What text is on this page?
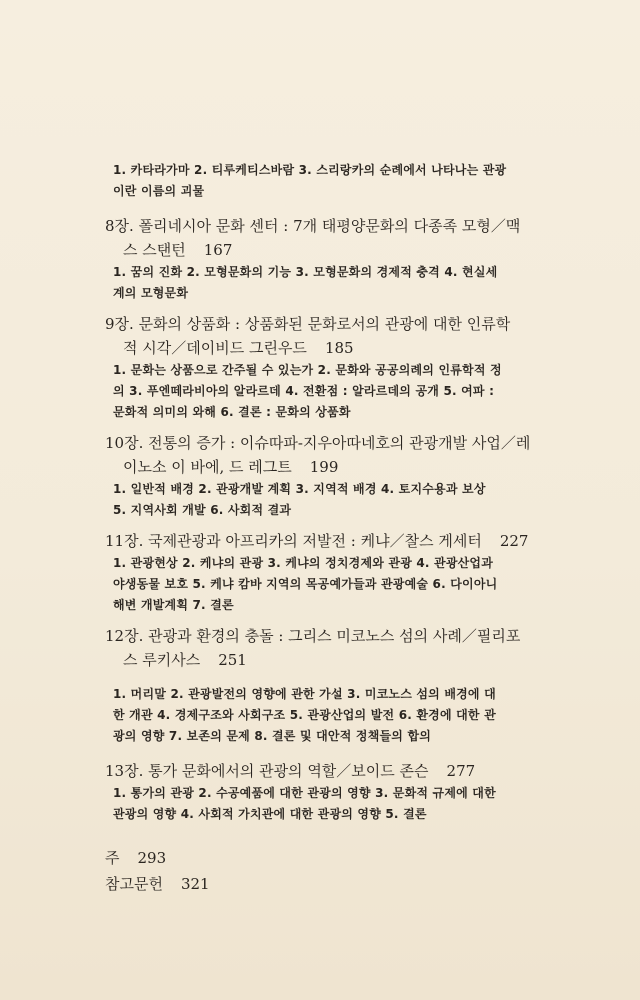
1. 카타라가마 2. 티루케티스바람 3. 스리랑카의 순례에서 나타나는 관광
이란 이름의 괴물
8장. 폴리네시아 문화 센터 : 7개 태평양문화의 다종족 모형／맥
스 스탠턴 167
1. 꿈의 진화 2. 모형문화의 기능 3. 모형문화의 경제적 충격 4. 현실세
계의 모형문화
9장. 문화의 상품화 : 상품화된 문화로서의 관광에 대한 인류학
적 시각／데이비드 그린우드 185
1. 문화는 상품으로 간주될 수 있는가 2. 문화와 공공의례의 인류학적 정
의 3. 푸엔떼라비아의 알라르데 4. 전환점 : 알라르데의 공개 5. 여파 :
문화적 의미의 와해 6. 결론 : 문화의 상품화
10장. 전통의 증가 : 이슈따파-지우아따네호의 관광개발 사업／레
이노소 이 바에, 드 레그트 199
1. 일반적 배경 2. 관광개발 계획 3. 지역적 배경 4. 토지수용과 보상
5. 지역사회 개발 6. 사회적 결과
11장. 국제관광과 아프리카의 저발전 : 케냐／찰스 게세터 227
1. 관광현상 2. 케냐의 관광 3. 케냐의 정치경제와 관광 4. 관광산업과
야생동물 보호 5. 케냐 캄바 지역의 목공예가들과 관광예술 6. 다이아니
해변 개발계획 7. 결론
12장. 관광과 환경의 충돌 : 그리스 미코노스 섬의 사례／필리포
스 루키사스 251
1. 머리말 2. 관광발전의 영향에 관한 가설 3. 미코노스 섬의 배경에 대
한 개관 4. 경제구조와 사회구조 5. 관광산업의 발전 6. 환경에 대한 관
광의 영향 7. 보존의 문제 8. 결론 및 대안적 정책들의 합의
13장. 통가 문화에서의 관광의 역할／보이드 존슨 277
1. 통가의 관광 2. 수공예품에 대한 관광의 영향 3. 문화적 규제에 대한
관광의 영향 4. 사회적 가치관에 대한 관광의 영향 5. 결론
주 293
참고문헌 321
